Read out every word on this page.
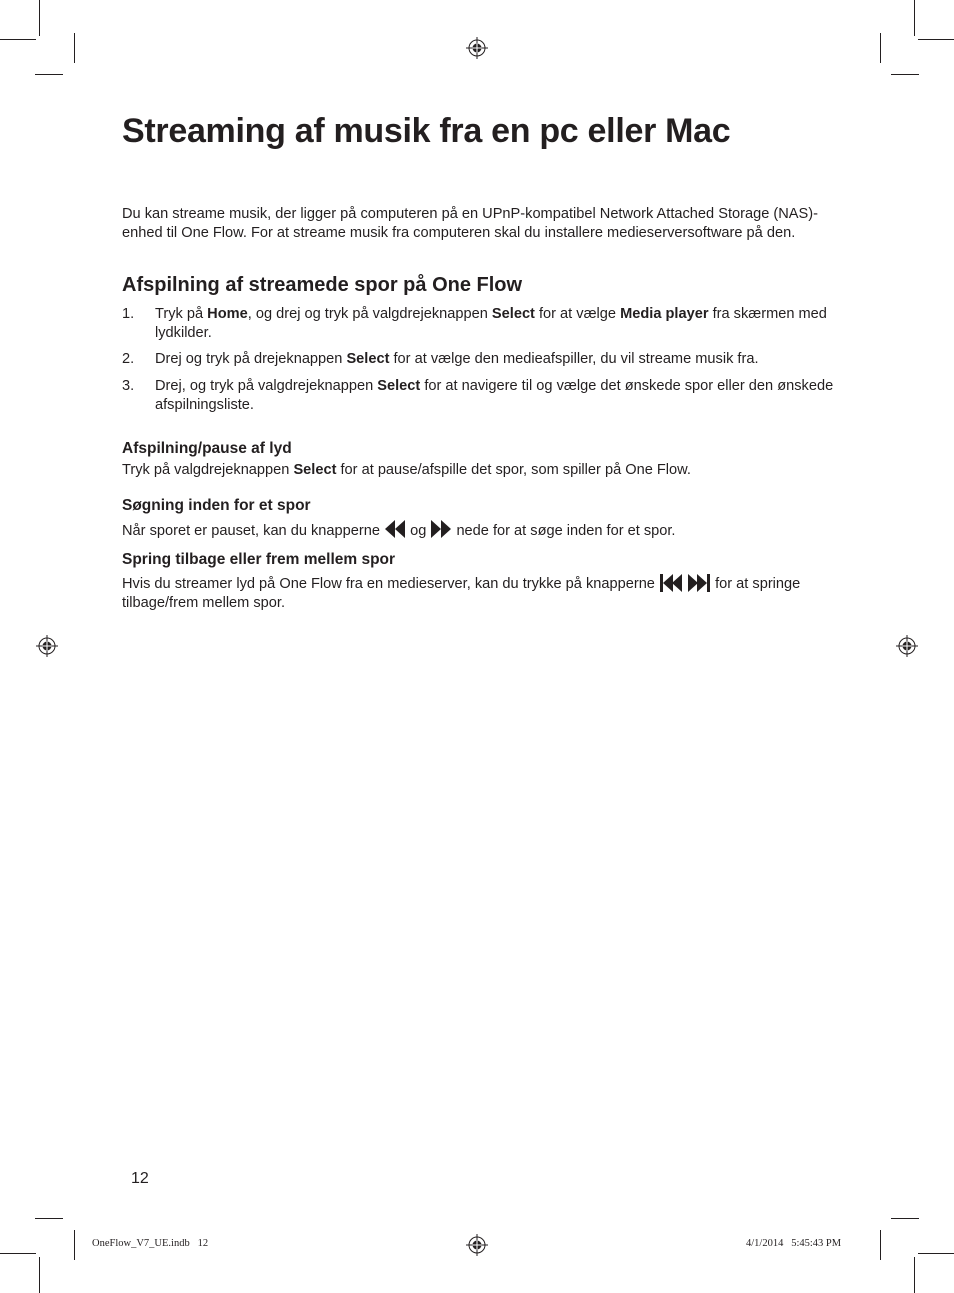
Streaming af musik fra en pc eller Mac

Du kan streame musik, der ligger på computeren på en UPnP-kompatibel Network Attached Storage (NAS)-enhed til One Flow. For at streame musik fra computeren skal du installere medieserversoftware på den.

Afspilning af streamede spor på One Flow
1.	Tryk på Home, og drej og tryk på valgdrejeknappen Select for at vælge Media player fra skærmen med lydkilder.
2.	Drej og tryk på drejeknappen Select for at vælge den medieafspiller, du vil streame musik fra.
3.	Drej, og tryk på valgdrejeknappen Select for at navigere til og vælge det ønskede spor eller den ønskede afspilningsliste.
Afspilning/pause af lyd

Tryk på valgdrejeknappen Select for at pause/afspille det spor, som spiller på One Flow.

Søgning inden for et spor

Når sporet er pauset, kan du knapperne
og
nede for at søge inden for et spor.

Spring tilbage eller frem mellem spor

Hvis du streamer lyd på One Flow fra en medieserver, kan du trykke på knapperne
	for at springe tilbage/frem mellem spor.

12
OneFlow_V7_UE.indb   12	4/1/2014   5:45:43 PM
